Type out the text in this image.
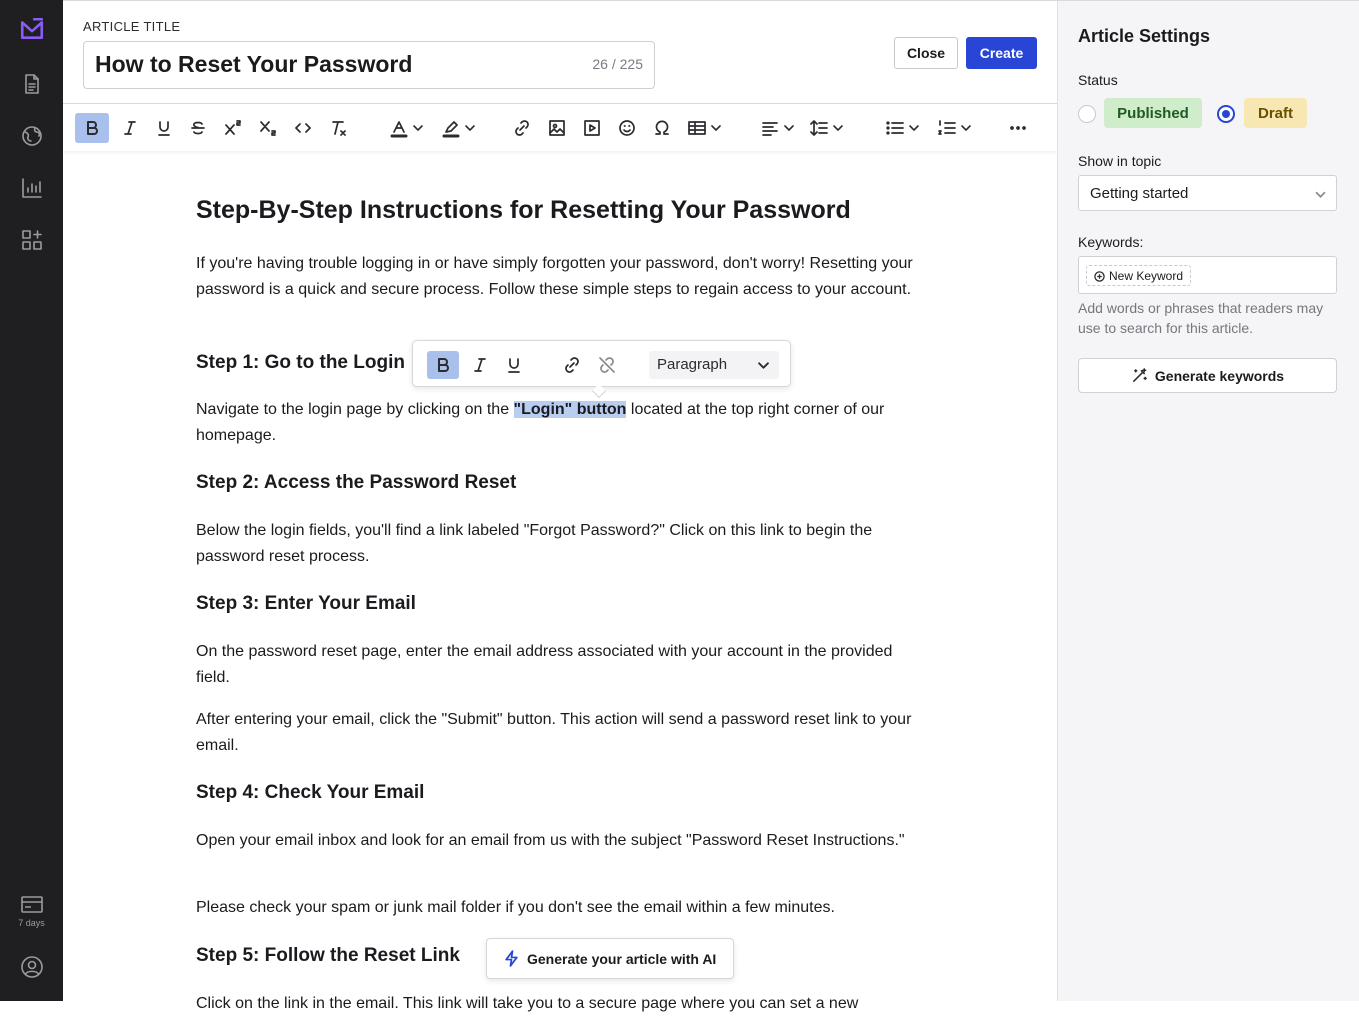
7 days
ARTICLE TITLE
How to Reset Your Password
26 / 225
Close	Create
Step-By-Step Instructions for Resetting Your Password

If you're having trouble logging in or have simply forgotten your password, don't worry! Resetting your password is a quick and secure process. Follow these simple steps to regain access to your account.

Step 1: Go to the Login

Navigate to the login page by clicking on the "Login" button located at the top right corner of our homepage.

Step 2: Access the Password Reset

Below the login fields, you'll find a link labeled "Forgot Password?" Click on this link to begin the password reset process.

Step 3: Enter Your Email

On the password reset page, enter the email address associated with your account in the provided field.

After entering your email, click the "Submit" button. This action will send a password reset link to your email.

Step 4: Check Your Email

Open your email inbox and look for an email from us with the subject "Password Reset Instructions."

Please check your spam or junk mail folder if you don't see the email within a few minutes.

Step 5: Follow the Reset Link

Click on the link in the email. This link will take you to a secure page where you can set a new

Paragraph
Generate your article with AI
Article Settings
Status
Published	Draft
Show in topic
Getting started
Keywords:
New Keyword
Add words or phrases that readers may use to search for this article.
Generate keywords
